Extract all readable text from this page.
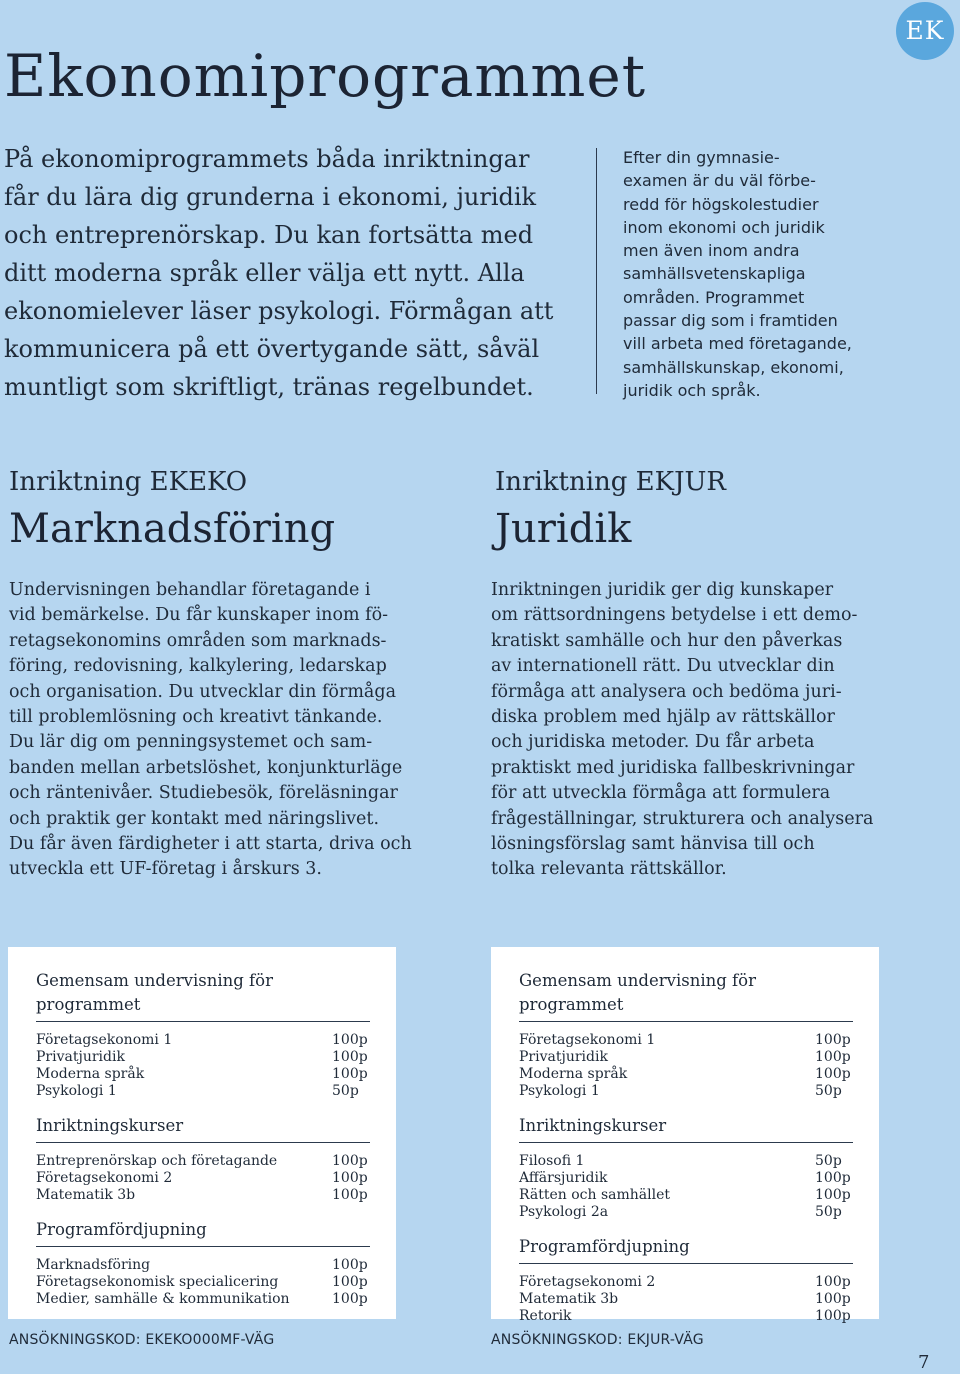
EK
Ekonomiprogrammet

På ekonomiprogrammets båda inriktningar
får du lära dig grunderna i ekonomi, juridik
och entreprenörskap. Du kan fortsätta med
ditt moderna språk eller välja ett nytt. Alla
ekonomielever läser psykologi. Förmågan att
kommunicera på ett övertygande sätt, såväl
muntligt som skriftligt, tränas regelbundet.

Efter din gymnasie-
examen är du väl förbe-
redd för högskolestudier
inom ekonomi och juridik
men även inom andra
samhällsvetenskapliga
områden. Programmet
passar dig som i framtiden
vill arbeta med företagande,
samhällskunskap, ekonomi,
juridik och språk.

Inriktning EKEKO

Marknadsföring

Undervisningen behandlar företagande i
vid bemärkelse. Du får kunskaper inom fö-
retagsekonomins områden som marknads-
föring, redovisning, kalkylering, ledarskap
och organisation. Du utvecklar din förmåga
till problemlösning och kreativt tänkande.
Du lär dig om penningsystemet och sam-
banden mellan arbetslöshet, konjunkturläge
och räntenivåer. Studiebesök, föreläsningar
och praktik ger kontakt med näringslivet.
Du får även färdigheter i att starta, driva och
utveckla ett UF-företag i årskurs 3.

Inriktning EKJUR

Juridik

Inriktningen juridik ger dig kunskaper
om rättsordningens betydelse i ett demo-
kratiskt samhälle och hur den påverkas
av internationell rätt. Du utvecklar din
förmåga att analysera och bedöma juri-
diska problem med hjälp av rättskällor
och juridiska metoder. Du får arbeta
praktiskt med juridiska fallbeskrivningar
för att utveckla förmåga att formulera
frågeställningar, strukturera och analysera
lösningsförslag samt hänvisa till och
tolka relevanta rättskällor.

Gemensam undervisning för programmet
Företagsekonomi 1	100p
Privatjuridik	100p
Moderna språk	100p
Psykologi 1	50p
Inriktningskurser
Entreprenörskap och företagande	100p
Företagsekonomi 2	100p
Matematik 3b	100p
Programfördjupning
Marknadsföring	100p
Företagsekonomisk specialicering	100p
Medier, samhälle & kommunikation	100p
Gemensam undervisning för programmet
Företagsekonomi 1	100p
Privatjuridik	100p
Moderna språk	100p
Psykologi 1	50p
Inriktningskurser
Filosofi 1	50p
Affärsjuridik	100p
Rätten och samhället	100p
Psykologi 2a	50p
Programfördjupning
Företagsekonomi 2	100p
Matematik 3b	100p
Retorik	100p
ANSÖKNINGSKOD: EKEKO000MF-VÄG	ANSÖKNINGSKOD: EKJUR-VÄG
7
